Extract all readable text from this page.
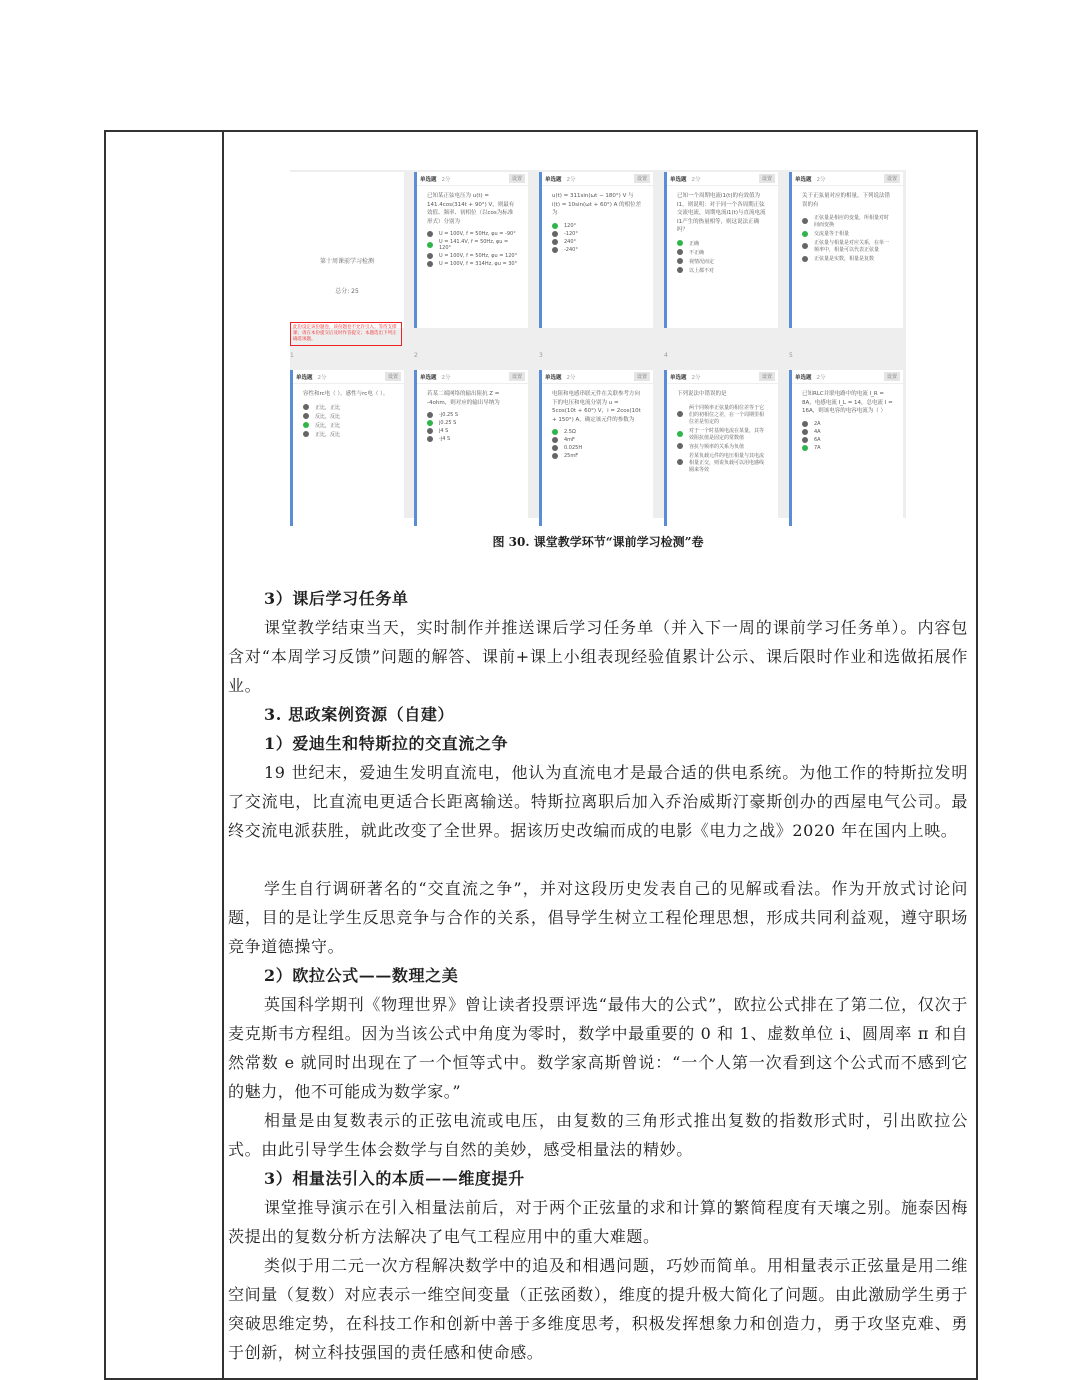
第十周课前学习检测
总分: 25
此份设定该份题卷，该份题卷不允许引入；等待支撑课；请在本份提交后及时作答提交；本题选出下列正确选项题。
单选题 2分	设置
已知某正弦电压为 u(t) = 141.4cos(314t + 90°) V，则最有效值、频率、初相位（以cos为标准形式）分别为
U = 100V, f = 50Hz, φu = -90°
U = 141.4V, f = 50Hz, φu = 120°
U = 100V, f = 50Hz, φu = 120°
U = 100V, f = 314Hz, φu = 30°
单选题 2分	设置
u(t) = 311sin(ωt − 180°) V 与 i(t) = 10sin(ωt + 60°) A 的相位差为
120°
-120°
240°
-240°
单选题 2分	设置
已知一个周期电流i1(t)的有效值为I1，则说明：对于同一个各周期正弦交流电流，周期电流i1(t)与直流电流I1产生的热量相等，则这说法正确吗？
正确
不正确
视情况而定
以上都不对
单选题 2分	设置
关于正弦量对应的相量，下列说法错误的有
正弦量是相应的变量，所相量对时间而变换
交流量等于相量
正弦量与相量是对应关系，在单一频率中，相量可以代表正弦量
正弦量是实数，相量是复数
1	2	3	4	5
单选题 2分	设置
容性和rc电（ ），感性与rc电（ ）。
正比，正比
反比，反比
反比，正比
正比，反比
单选题 2分	设置
若某二端网络的输出阻抗 Z = -4ohm，则对应的输出导纳为
-j0.25 S
j0.25 S
j4 S
-j4 S
单选题 2分	设置
电阻和电感串联元件在关联参考方向下的电压和电流分别为 u = 5cos(10t + 60°) V，i = 2cos(10t + 150°) A，确定该元件的参数为
2.5Ω
4mF
0.025H
25mF
单选题 2分	设置
下列说法中错误的是
两个同频率正弦量的相位差等于它们的初相位之差，在一个周期里相位差是恒定的
对于一个时基频电流在某量，其等效阻抗值是固定的常数值
容抗与频率的关系为负值
若某负载元件的电压相量与其电流相量正交，则说负载可以用电感线圈来等效
单选题 2分	设置
已知RLC并联电路中的电流 I_R = 8A，电感电流 I_L = 14，总电流 I = 16A，则该电容的电容电流为（ ）
2A
4A
6A
7A
图 30. 课堂教学环节“课前学习检测”卷
3）课后学习任务单
课堂教学结束当天，实时制作并推送课后学习任务单（并入下一周的课前学习任务单）。内容包含对“本周学习反馈”问题的解答、课前+课上小组表现经验值累计公示、课后限时作业和选做拓展作业。
3. 思政案例资源（自建）
1）爱迪生和特斯拉的交直流之争
19 世纪末，爱迪生发明直流电，他认为直流电才是最合适的供电系统。为他工作的特斯拉发明了交流电，比直流电更适合长距离输送。特斯拉离职后加入乔治威斯汀豪斯创办的西屋电气公司。最终交流电派获胜，就此改变了全世界。据该历史改编而成的电影《电力之战》2020 年在国内上映。
学生自行调研著名的“交直流之争”，并对这段历史发表自己的见解或看法。作为开放式讨论问题，目的是让学生反思竞争与合作的关系，倡导学生树立工程伦理思想，形成共同利益观，遵守职场竞争道德操守。
2）欧拉公式——数理之美
英国科学期刊《物理世界》曾让读者投票评选“最伟大的公式”，欧拉公式排在了第二位，仅次于麦克斯韦方程组。因为当该公式中角度为零时，数学中最重要的 0 和 1、虚数单位 i、圆周率 π 和自然常数 e 就同时出现在了一个恒等式中。数学家高斯曾说：“一个人第一次看到这个公式而不感到它的魅力，他不可能成为数学家。”
相量是由复数表示的正弦电流或电压，由复数的三角形式推出复数的指数形式时，引出欧拉公式。由此引导学生体会数学与自然的美妙，感受相量法的精妙。
3）相量法引入的本质——维度提升
课堂推导演示在引入相量法前后，对于两个正弦量的求和计算的繁简程度有天壤之别。施泰因梅茨提出的复数分析方法解决了电气工程应用中的重大难题。
类似于用二元一次方程解决数学中的追及和相遇问题，巧妙而简单。用相量表示正弦量是用二维空间量（复数）对应表示一维空间变量（正弦函数），维度的提升极大简化了问题。由此激励学生勇于突破思维定势，在科技工作和创新中善于多维度思考，积极发挥想象力和创造力，勇于攻坚克难、勇于创新，树立科技强国的责任感和使命感。
